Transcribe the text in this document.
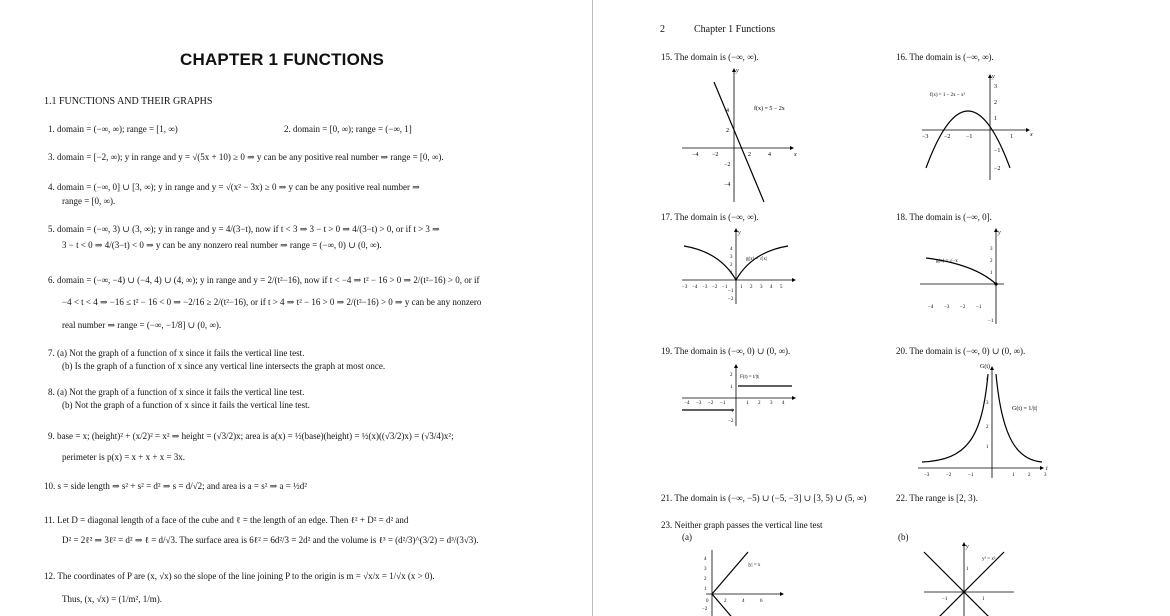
CHAPTER 1 FUNCTIONS
1.1 FUNCTIONS AND THEIR GRAPHS
1. domain = (−∞, ∞); range = [1, ∞)	2. domain = [0, ∞); range = (−∞, 1]
3. domain = [−2, ∞); y in range and y = √(5x + 10) ≥ 0 ⇒ y can be any positive real number ⇒ range = [0, ∞).
4. domain = (−∞, 0] ∪ [3, ∞); y in range and y = √(x² − 3x) ≥ 0 ⇒ y can be any positive real number ⇒
range = [0, ∞).
5. domain = (−∞, 3) ∪ (3, ∞); y in range and y = 4/(3−t), now if t < 3 ⇒ 3 − t > 0 ⇒ 4/(3−t) > 0, or if t > 3 ⇒
3 − t < 0 ⇒ 4/(3−t) < 0 ⇒ y can be any nonzero real number ⇒ range = (−∞, 0) ∪ (0, ∞).
6. domain = (−∞, −4) ∪ (−4, 4) ∪ (4, ∞); y in range and y = 2/(t²−16), now if t < −4 ⇒ t² − 16 > 0 ⇒ 2/(t²−16) > 0, or if
−4 < t < 4 ⇒ −16 ≤ t² − 16 < 0 ⇒ −2/16 ≥ 2/(t²−16), or if t > 4 ⇒ t² − 16 > 0 ⇒ 2/(t²−16) > 0 ⇒ y can be any nonzero
real number ⇒ range = (−∞, −1/8] ∪ (0, ∞).
7. (a) Not the graph of a function of x since it fails the vertical line test.
(b) Is the graph of a function of x since any vertical line intersects the graph at most once.
8. (a) Not the graph of a function of x since it fails the vertical line test.
(b) Not the graph of a function of x since it fails the vertical line test.
9. base = x; (height)² + (x/2)² = x² ⇒ height = (√3/2)x; area is a(x) = ½(base)(height) = ½(x)((√3/2)x) = (√3/4)x²;
perimeter is p(x) = x + x + x = 3x.
10. s = side length ⇒ s² + s² = d² ⇒ s = d/√2; and area is a = s² ⇒ a = ½d²
11. Let D = diagonal length of a face of the cube and ℓ = the length of an edge. Then ℓ² + D² = d² and
D² = 2ℓ² ⇒ 3ℓ² = d² ⇒ ℓ = d/√3. The surface area is 6ℓ² = 6d²/3 = 2d² and the volume is ℓ³ = (d²/3)^(3/2) = d³/(3√3).
12. The coordinates of P are (x, √x) so the slope of the line joining P to the origin is m = √x/x = 1/√x (x > 0).
Thus, (x, √x) = (1/m², 1/m).
2	Chapter 1 Functions
15. The domain is (−∞, ∞).	16. The domain is (−∞, ∞).
17. The domain is (−∞, ∞).	18. The domain is (−∞, 0].
19. The domain is (−∞, 0) ∪ (0, ∞).	20. The domain is (−∞, 0) ∪ (0, ∞).
21. The domain is (−∞, −5) ∪ (−5, −3] ∪ [3, 5) ∪ (5, ∞)	22. The range is [2, 3).
23. Neither graph passes the vertical line test
(a)	(b)
f(x) = 5 − 2x
x
y
−4 −2	2	4
4
2
−2
−4
f(x) = 1 − 2x − x²
x
y
−3	−2	−1	1
3
2
1
−1
−2
g(x) = √|x|
y
−3 −4 −3 −2 −1	1 2 3 4 5
4
3
2
1
−1
−2
g(x) = √−x
y
−4 −3 −2 −1
3
2
1
−1
F(t) = t/|t|
−4 −3 −2 −1	1 2 3 4
2
1
−1
−2
G(t)
G(t) = 1/|t|
t
−3	−2	−1	1	2	3
4
3
2
1
|y| = x
4
3
2
1
0	2	4	6
−2
y² = x²
y
1
−1	1
